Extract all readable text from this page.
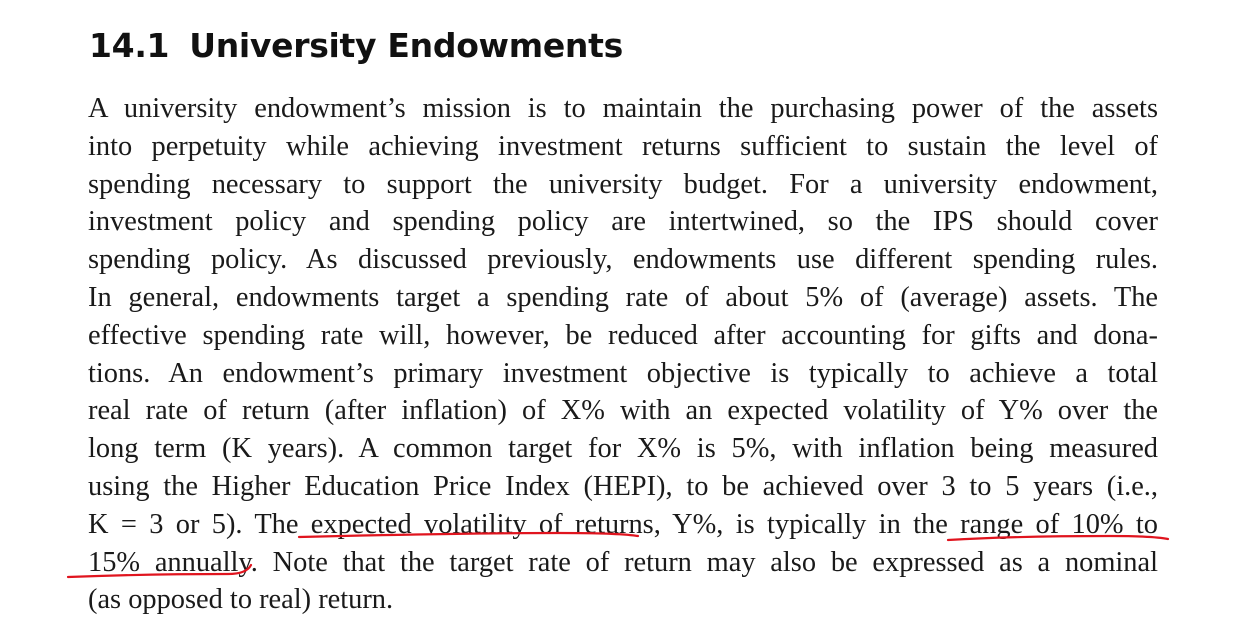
14.1 University Endowments
A university endowment’s mission is to maintain the purchasing power of the assets
into perpetuity while achieving investment returns sufficient to sustain the level of
spending necessary to support the university budget. For a university endowment,
investment policy and spending policy are intertwined, so the IPS should cover
spending policy. As discussed previously, endowments use different spending rules.
In general, endowments target a spending rate of about 5% of (average) assets. The
effective spending rate will, however, be reduced after accounting for gifts and dona-
tions. An endowment’s primary investment objective is typically to achieve a total
real rate of return (after inflation) of X% with an expected volatility of Y% over the
long term (K years). A common target for X% is 5%, with inflation being measured
using the Higher Education Price Index (HEPI), to be achieved over 3 to 5 years (i.e.,
K = 3 or 5). The expected volatility of returns, Y%, is typically in the range of 10% to
15% annually. Note that the target rate of return may also be expressed as a nominal
(as opposed to real) return.
